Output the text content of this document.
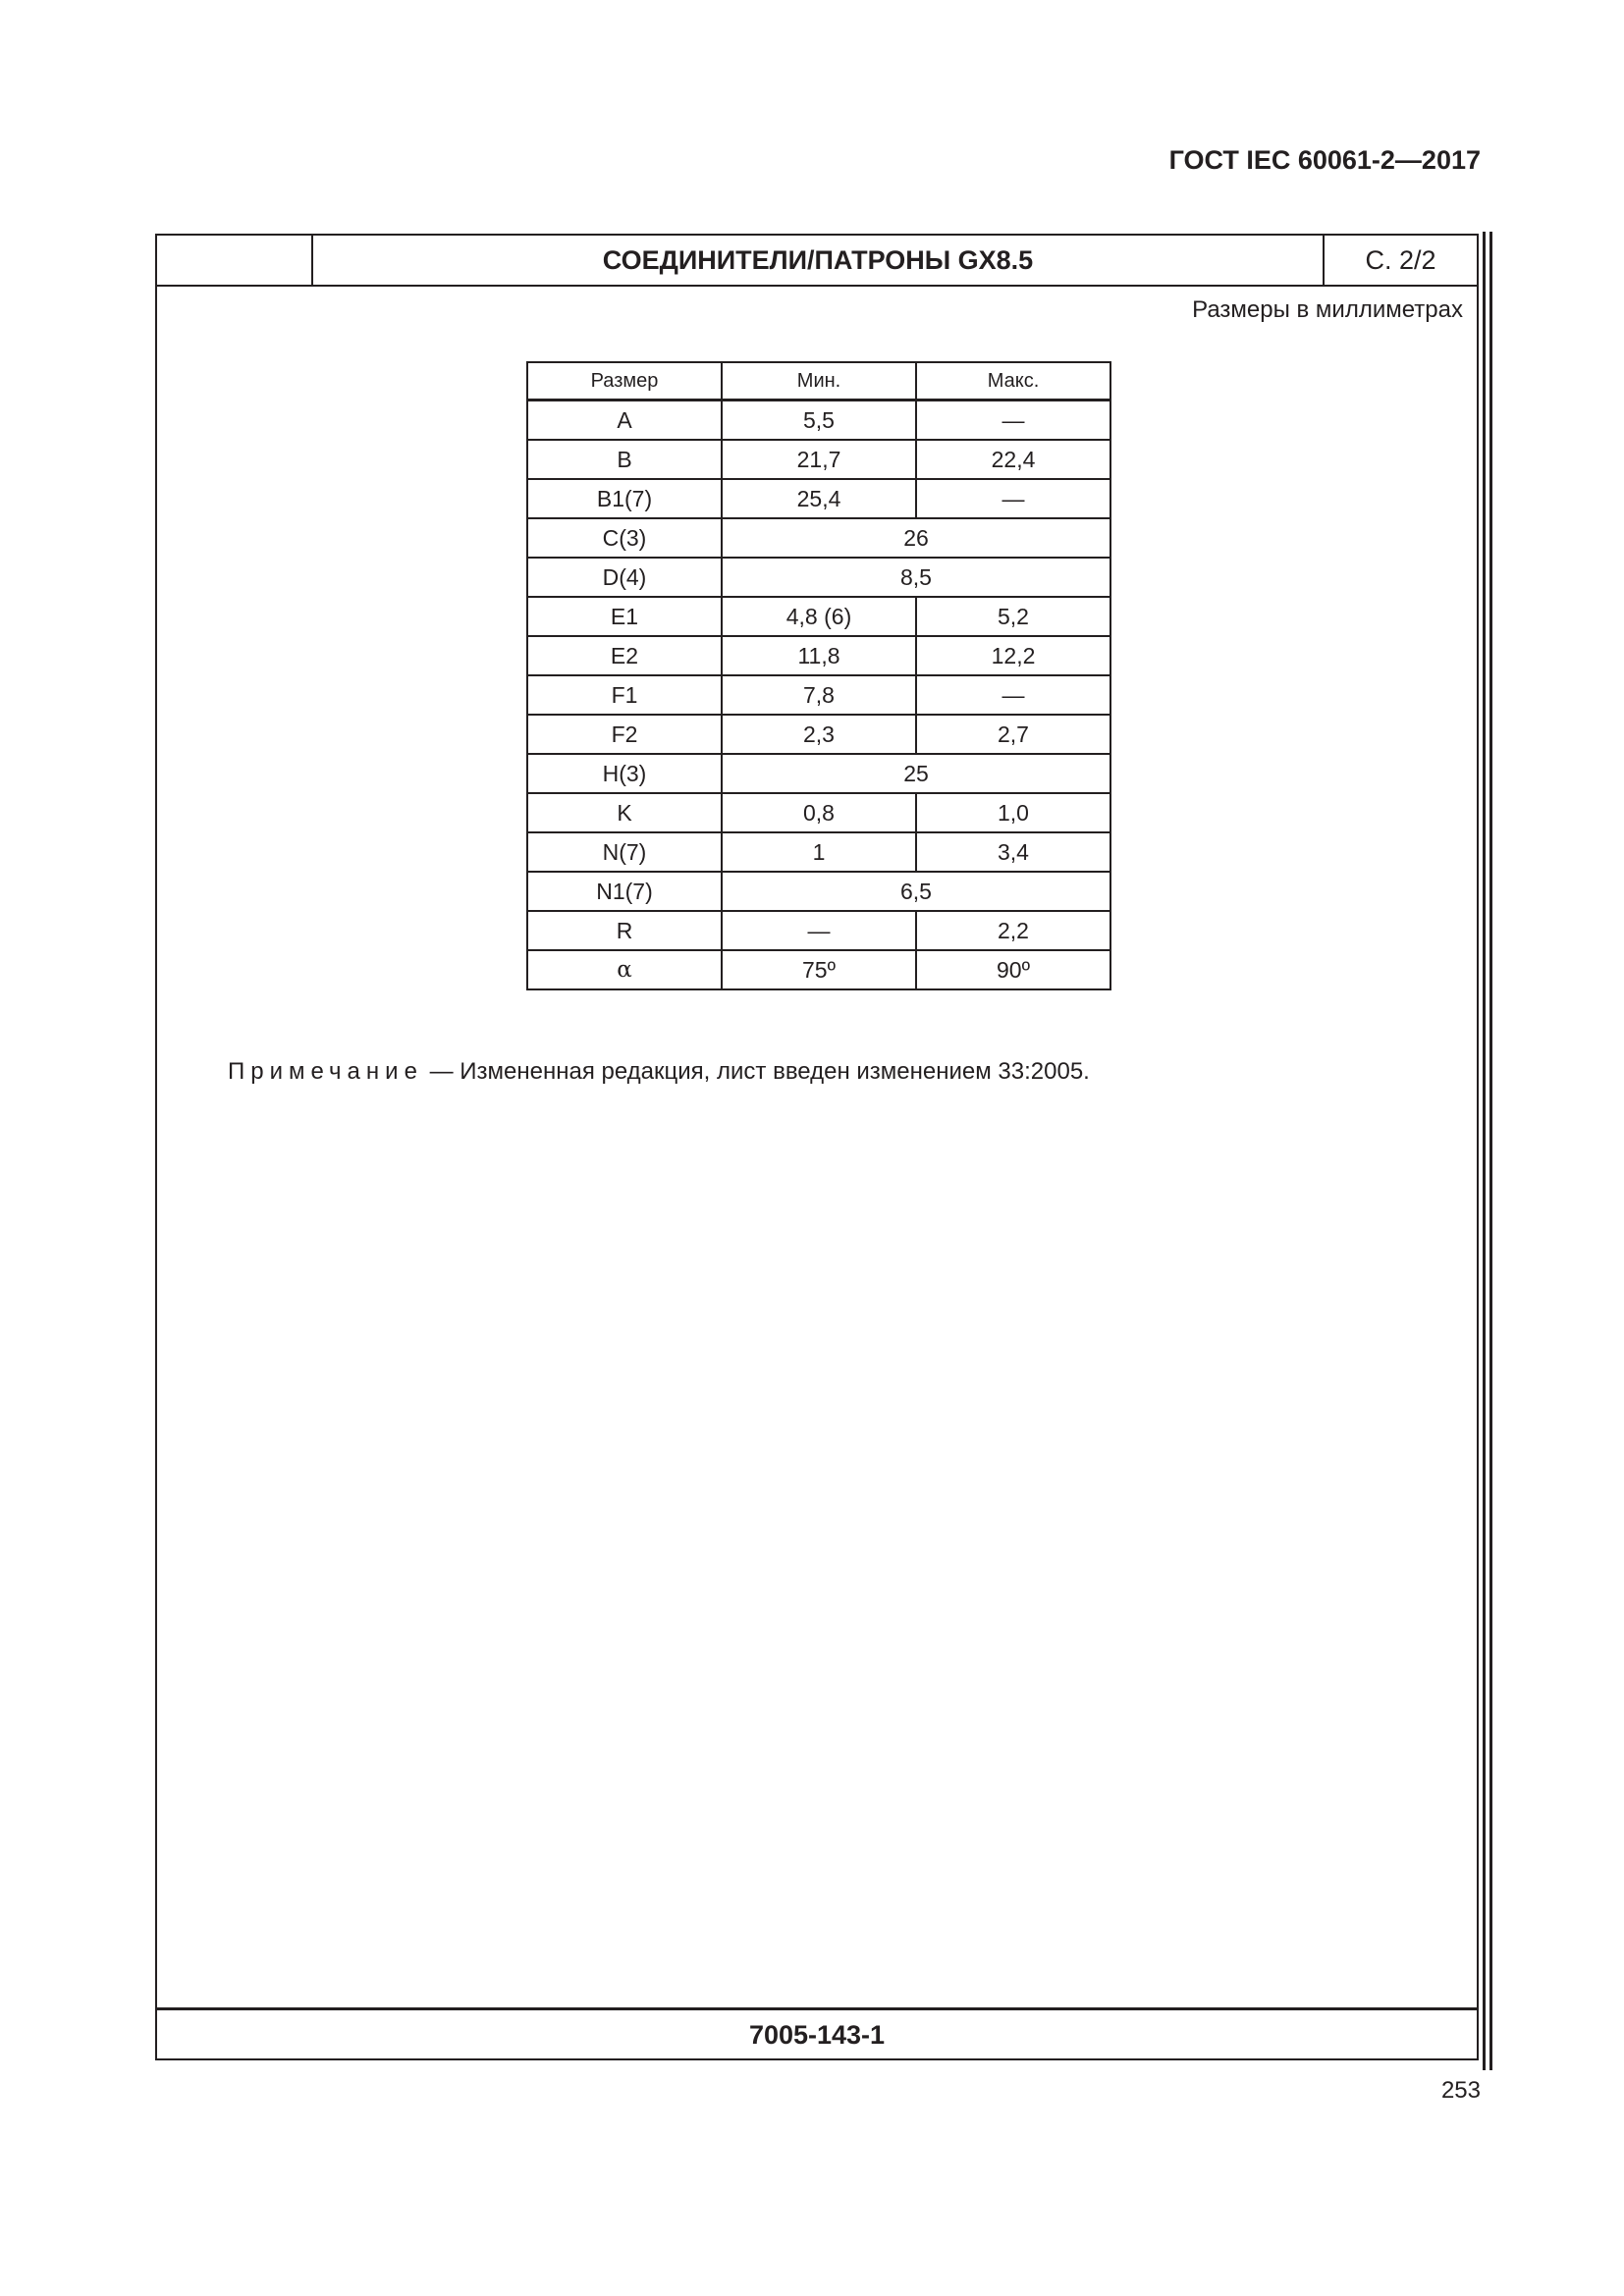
ГОСТ IEC 60061-2—2017
СОЕДИНИТЕЛИ/ПАТРОНЫ GX8.5	С. 2/2
Размеры в миллиметрах
Размер	Мин.	Макс.
A	5,5	—
B	21,7	22,4
B1(7)	25,4	—
C(3)	26	
D(4)	8,5	
E1	4,8 (6)	5,2
E2	11,8	12,2
F1	7,8	—
F2	2,3	2,7
H(3)	25	
K	0,8	1,0
N(7)	1	3,4
N1(7)	6,5	
R	—	2,2
α	75º	90º
Примечание — Измененная редакция, лист введен изменением 33:2005.
7005-143-1
253
